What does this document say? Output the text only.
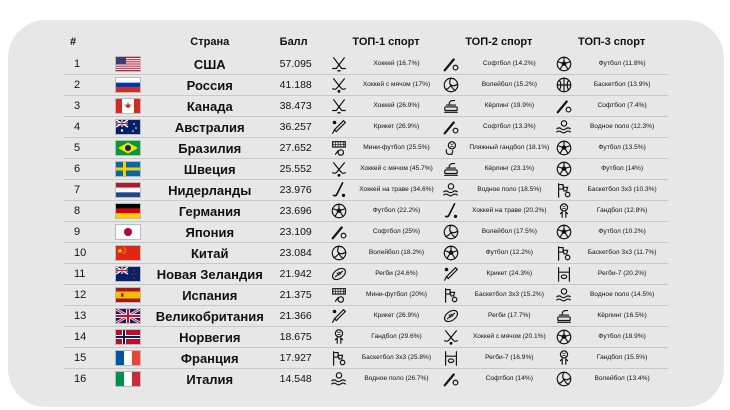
#	Страна	Балл	ТОП-1 спорт	ТОП-2 спорт	ТОП-3 спорт
1	США	57.095	Хоккей (16.7%)	Софтбол (14.2%)	Футбол (11.8%)
2	Россия	41.188	Хоккей с мячом (17%)	Волейбол (15.2%)	Баскетбол (13.9%)
3	Канада	38.473	Хоккей (26.9%)	Кёрлинг (19.9%)	Софтбол (7.4%)
4	Австралия	36.257	Крикет (26.9%)	Софтбол (13.3%)	Водное поло (12.3%)
5	Бразилия	27.652	Мини-футбол (25.5%)	Пляжный гандбол (18.1%)	Футбол (13.5%)
6	Швеция	25.552	Хоккей с мячом (45.7%)	Кёрлинг (23.1%)	Футбол (14%)
7	Нидерланды	23.976	Хоккей на траве (34.6%)	Водное поло (18.5%)	Баскетбол 3х3 (10.3%)
8	Германия	23.696	Футбол (22.2%)	Хоккей на траве (20.2%)	Гандбол (12.8%)
9	Япония	23.109	Софтбол (25%)	Волейбол (17.5%)	Футбол (10.2%)
10	Китай	23.084	Волейбол (18.2%)	Футбол (12.2%)	Баскетбол 3х3 (11.7%)
11	Новая Зеландия	21.942	Регби (24.6%)	Крикет (24.3%)	Регби-7 (20.2%)
12	Испания	21.375	Мини-футбол (20%)	Баскетбол 3х3 (15.2%)	Водное поло (14.5%)
13	Великобритания	21.366	Крикет (26.9%)	Регби (17.7%)	Кёрлинг (16.5%)
14	Норвегия	18.675	Гандбол (29.6%)	Хоккей с мячом (20.1%)	Футбол (18.9%)
15	Франция	17.927	Баскетбол 3х3 (25.8%)	Регби-7 (16.9%)	Гандбол (15.5%)
16	Италия	14.548	Водное поло (26.7%)	Софтбол (14%)	Волейбол (13.4%)
